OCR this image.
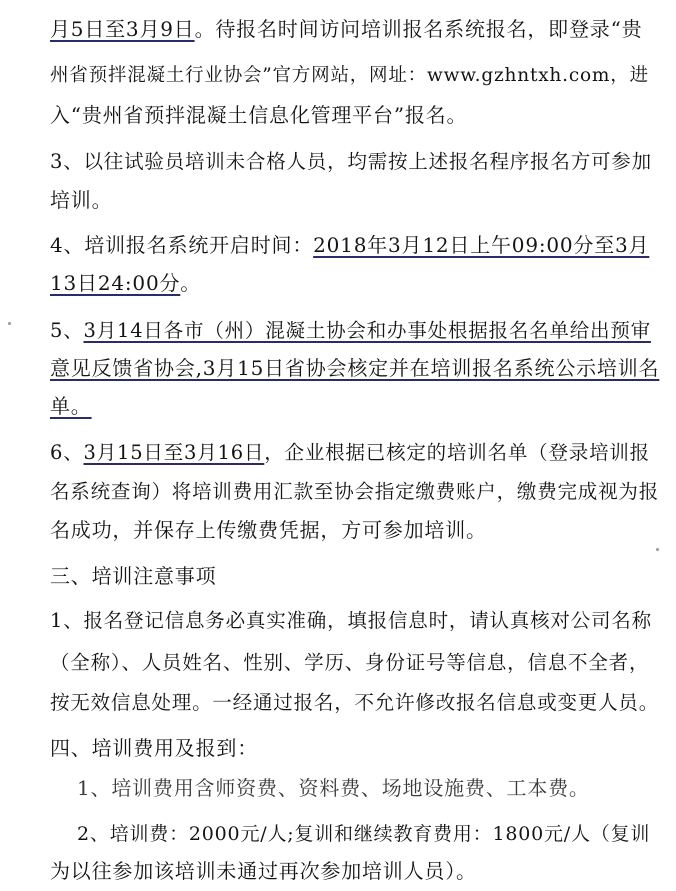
月5日至3月9日。待报名时间访问培训报名系统报名，即登录“贵
州省预拌混凝土行业协会”官方网站，网址：www.gzhntxh.com，进
入“贵州省预拌混凝土信息化管理平台”报名。
3、以往试验员培训未合格人员，均需按上述报名程序报名方可参加
培训。
4、培训报名系统开启时间：2018年3月12日上午09:00分至3月
13日24:00分。
5、3月14日各市（州）混凝土协会和办事处根据报名名单给出预审
意见反馈省协会,3月15日省协会核定并在培训报名系统公示培训名
单。
6、3月15日至3月16日，企业根据已核定的培训名单（登录培训报
名系统查询）将培训费用汇款至协会指定缴费账户，缴费完成视为报
名成功，并保存上传缴费凭据，方可参加培训。
三、培训注意事项
1、报名登记信息务必真实准确，填报信息时，请认真核对公司名称
（全称）、人员姓名、性别、学历、身份证号等信息，信息不全者，
按无效信息处理。一经通过报名，不允许修改报名信息或变更人员。
四、培训费用及报到：
1、培训费用含师资费、资料费、场地设施费、工本费。
2、培训费：2000元/人;复训和继续教育费用：1800元/人（复训
为以往参加该培训未通过再次参加培训人员）。
